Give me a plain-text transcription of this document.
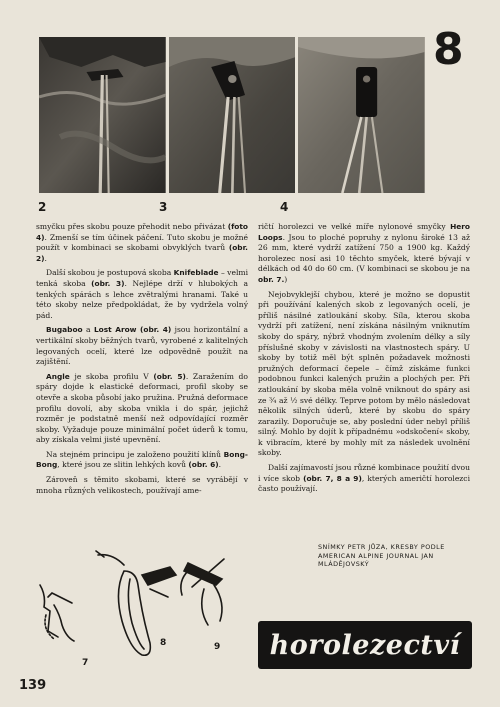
8
2	3	4

smyčku přes skobu pouze přehodit nebo přivázat (foto 4). Zmenší se tím účinek páčení. Tuto skobu je možné použít v kombinaci se skobami obvyklých tvarů (obr. 2).

Další skobou je postupová skoba Knifeblade – velmi tenká skoba (obr. 3). Nejlépe drží v hlubokých a tenkých spárách s lehce zvětralými hranami. Také u této skoby nelze předpokládat, že by vydržela volný pád.

Bugaboo a Lost Arow (obr. 4) jsou horizontální a vertikální skoby běžných tvarů, vyrobené z kalitelných legovaných ocelí, které lze odpovědně použít na zajištění.

Angle je skoba profilu V (obr. 5). Zaražením do spáry dojde k elastické deformaci, profil skoby se otevře a skoba působí jako pružina. Pružná deformace profilu dovolí, aby skoba vnikla i do spár, jejichž rozměr je podstatně menší než odpovídající rozměr skoby. Vyžaduje pouze minimální počet úderů k tomu, aby získala velmi jisté upevnění.

Na stejném principu je založeno použití klínů Bong-Bong, které jsou ze slitin lehkých kovů (obr. 6).

Zároveň s těmito skobami, které se vyrábějí v mnoha různých velikostech, používají ame-

ričtí horolezci ve velké míře nylonové smyčky Hero Loops. Jsou to ploché popruhy z nylonu široké 13 až 26 mm, které vydrží zatížení 750 a 1900 kg. Každý horolezec nosí asi 10 těchto smyček, které bývají v délkách od 40 do 60 cm. (V kombinaci se skobou je na obr. 7.)

Nejobvyklejší chybou, které je možno se dopustit při používání kalených skob z legovaných ocelí, je příliš násilné zatloukání skoby. Síla, kterou skoba vydrží při zatížení, není získána násilným vniknutím skoby do spáry, nýbrž vhodným zvolením délky a síly příslušné skoby v závislosti na vlastnostech spáry. U skoby by totiž měl být splněn požadavek možnosti pružných deformací čepele – čímž získáme funkci podobnou funkci kalených pružin a plochých per. Při zatloukání by skoba měla volně vniknout do spáry asi ze ¾ až ½ své délky. Teprve potom by mělo následovat několik silných úderů, které by skobu do spáry zarazily. Doporučuje se, aby poslední úder nebyl příliš silný. Mohlo by dojít k případnému »odskočení« skoby, k vibracím, které by mohly mít za následek uvolnění skoby.

Další zajímavostí jsou různé kombinace použití dvou i více skob (obr. 7, 8 a 9), kterých američtí horolezci často používají.

SNÍMKY PETR JŮZA, KRESBY PODLE AMERICAN ALPINE JOURNAL JAN MLÁDĚJOVSKÝ
7
8	9 horolezectví
139
